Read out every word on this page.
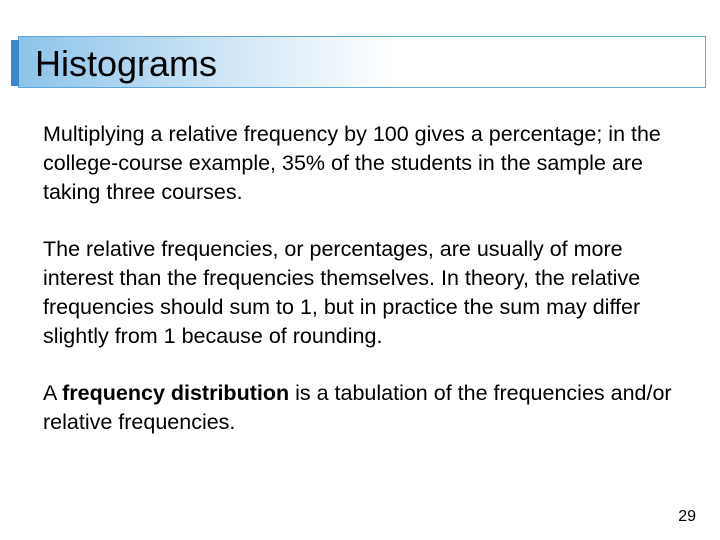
Histograms

Multiplying a relative frequency by 100 gives a percentage; in the college-course example, 35% of the students in the sample are taking three courses.

The relative frequencies, or percentages, are usually of more interest than the frequencies themselves. In theory, the relative frequencies should sum to 1, but in practice the sum may differ slightly from 1 because of rounding.

A frequency distribution is a tabulation of the frequencies and/or relative frequencies.

29
